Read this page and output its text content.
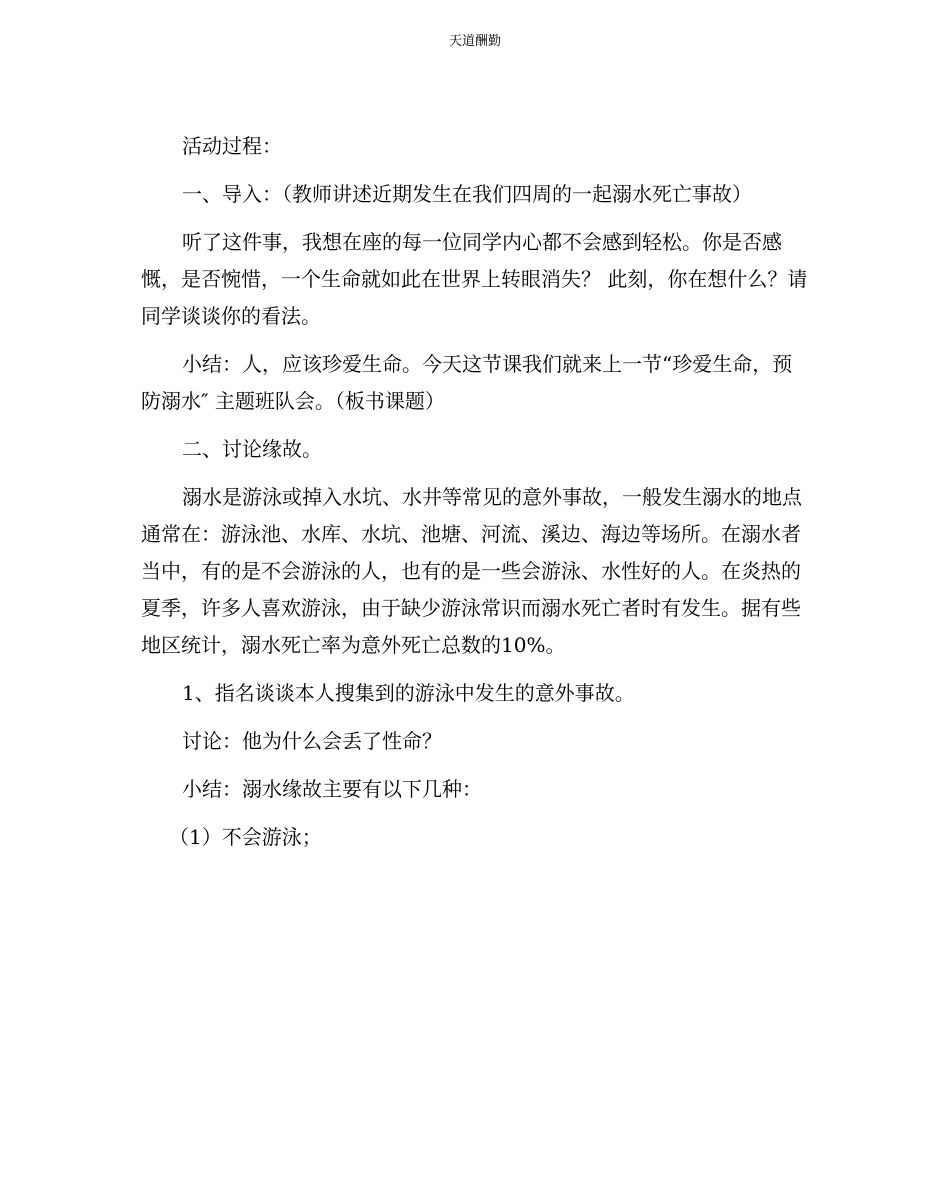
天道酬勤

活动过程：

一、导入：（教师讲述近期发生在我们四周的一起溺水死亡事故）

听了这件事，我想在座的每一位同学内心都不会感到轻松。你是否感慨，是否惋惜，一个生命就如此在世界上转眼消失？ 此刻，你在想什么？请同学谈谈你的看法。

小结：人，应该珍爱生命。今天这节课我们就来上一节“珍爱生命，预防溺水″ 主题班队会。（板书课题）

二、讨论缘故。

溺水是游泳或掉入水坑、水井等常见的意外事故，一般发生溺水的地点通常在：游泳池、水库、水坑、池塘、河流、溪边、海边等场所。在溺水者当中，有的是不会游泳的人，也有的是一些会游泳、水性好的人。在炎热的夏季，许多人喜欢游泳，由于缺少游泳常识而溺水死亡者时有发生。据有些地区统计，溺水死亡率为意外死亡总数的10%。

1、指名谈谈本人搜集到的游泳中发生的意外事故。

讨论：他为什么会丢了性命？

小结：溺水缘故主要有以下几种：

（1）不会游泳；
